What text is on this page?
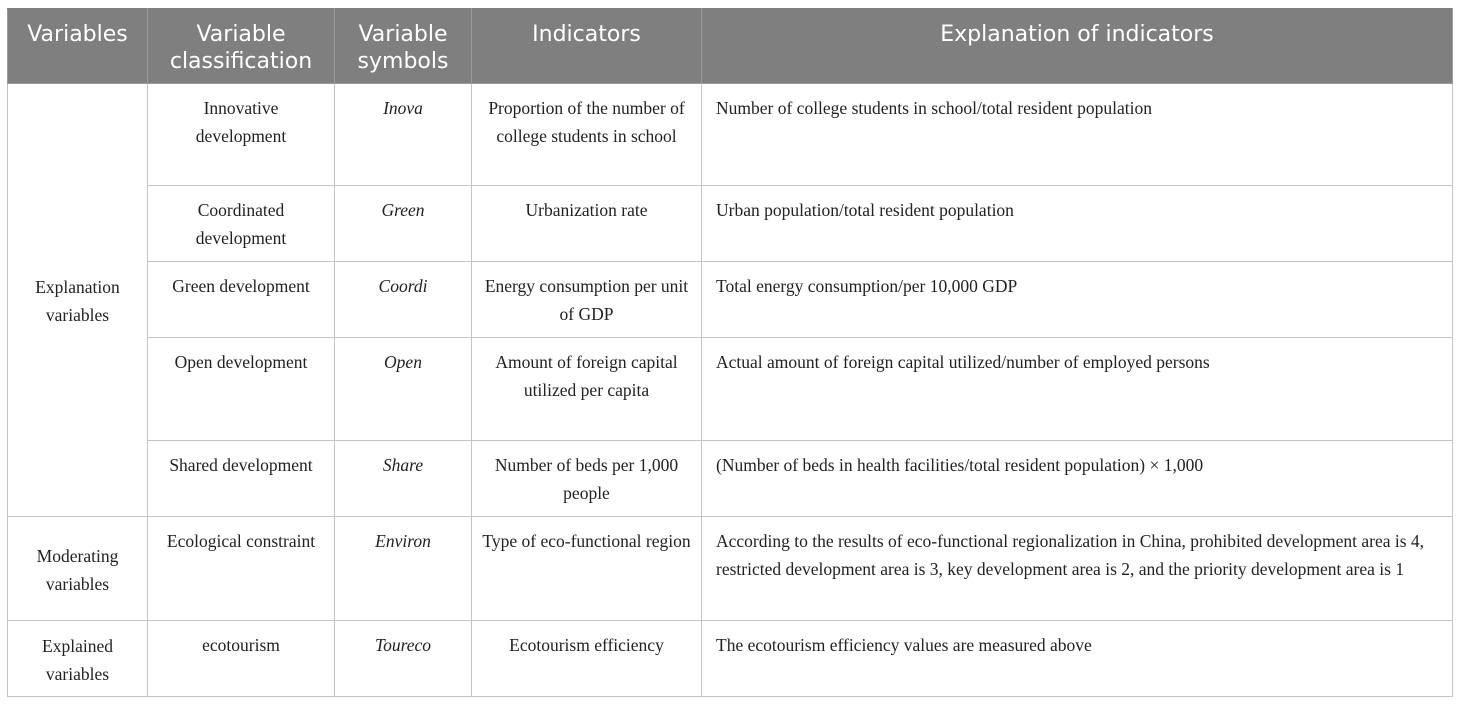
Variables	Variable classification	Variable symbols	Indicators	Explanation of indicators
Explanation variables	Innovative development	Inova	Proportion of the number of college students in school	Number of college students in school/total resident population
	Coordinated development	Green	Urbanization rate	Urban population/total resident population
	Green development	Coordi	Energy consumption per unit of GDP	Total energy consumption/per 10,000 GDP
	Open development	Open	Amount of foreign capital utilized per capita	Actual amount of foreign capital utilized/number of employed persons
	Shared development	Share	Number of beds per 1,000 people	(Number of beds in health facilities/total resident population) × 1,000
Moderating variables	Ecological constraint	Environ	Type of eco-functional region	According to the results of eco-functional regionalization in China, prohibited development area is 4, restricted development area is 3, key development area is 2, and the priority development area is 1
Explained variables	ecotourism	Toureco	Ecotourism efficiency	The ecotourism efficiency values are measured above
